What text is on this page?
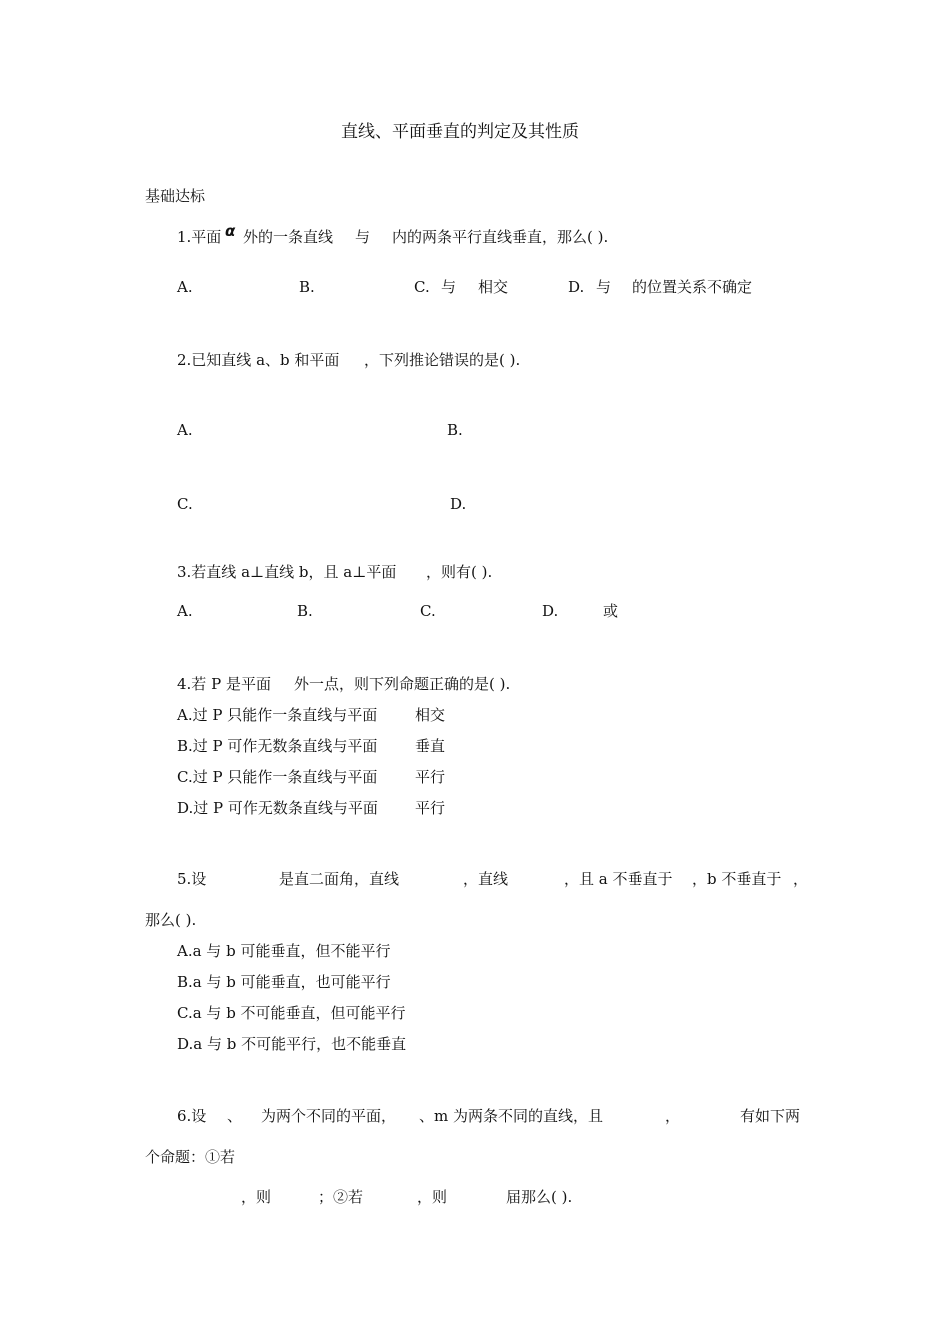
直线、平面垂直的判定及其性质
基础达标
1.平面 α 外的一条直线 与 内的两条平行直线垂直，那么( ).
A.	B.	C. 与 相交	D. 与 的位置关系不确定
2.已知直线 a、b 和平面 ，下列推论错误的是( ).
A.	B.
C.	D.
3.若直线 a⊥直线 b，且 a⊥平面 ，则有( ).
A.	B.	C.	D.	或
4.若 P 是平面 外一点，则下列命题正确的是( ).
A.过 P 只能作一条直线与平面	相交
B.过 P 可作无数条直线与平面	垂直
C.过 P 只能作一条直线与平面	平行
D.过 P 可作无数条直线与平面 平行
5.设	是直二面角，直线	，直线	，且 a 不垂直于 ，b 不垂直于 ，
那么( ).
A.a 与 b 可能垂直，但不能平行
B.a 与 b 可能垂直，也可能平行
C.a 与 b 不可能垂直，但可能平行
D.a 与 b 不可能平行，也不能垂直
6.设 、 为两个不同的平面， 、m 为两条不同的直线，且	，	有如下两
个命题：①若
，则	；②若	，则	届那么( ).
